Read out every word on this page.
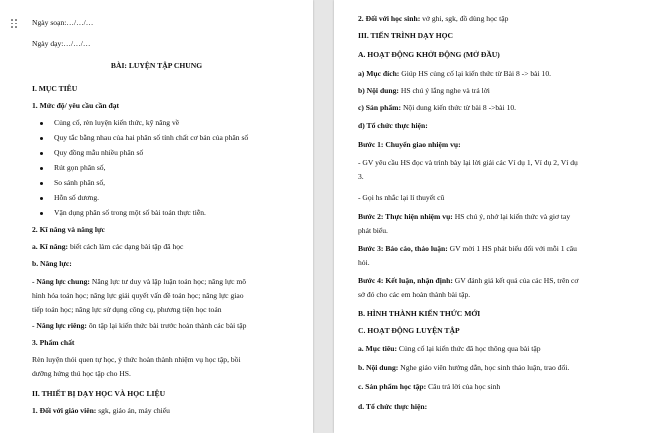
Ngày soạn:…/…/…
Ngày dạy:…/…/…
BÀI: LUYỆN TẬP CHUNG
I. MỤC TIÊU
1. Mức độ/ yêu cầu cần đạt
Củng cố, rèn luyện kiến thức, kỹ năng về
Quy tắc bằng nhau của hai phân số tính chất cơ bản của phân số
Quy đồng mẫu nhiều phân số
Rút gọn phân số,
So sánh phân số,
Hỗn số dương.
Vận dụng phân số trong một số bài toán thực tiễn.
2. Kĩ năng và năng lực
a. Kĩ năng: biết cách làm các dạng bài tập đã học
b. Năng lực:
- Năng lực chung: Năng lực tư duy và lập luận toán học; năng lực mô
hình hóa toán học; năng lực giải quyết vấn đề toán học; năng lực giao
tiếp toán học; năng lực sử dụng công cụ, phương tiện học toán
- Năng lực riêng: ôn tập lại kiến thức bài trước hoàn thành các bài tập
3. Phẩm chất
Rèn luyện thói quen tự học, ý thức hoàn thành nhiệm vụ học tập, bồi
dưỡng hứng thú học tập cho HS.
II. THIẾT BỊ DẠY HỌC VÀ HỌC LIỆU
1. Đối với giáo viên: sgk, giáo án, máy chiếu
2. Đối với học sinh: vở ghi, sgk, đồ dùng học tập
III. TIẾN TRÌNH DẠY HỌC
A. HOẠT ĐỘNG KHỞI ĐỘNG (MỞ ĐẦU)
a) Mục đích: Giúp HS củng cố lại kiến thức từ Bài 8 -> bài 10.
b) Nội dung: HS chú ý lắng nghe và trả lời
c) Sản phẩm: Nội dung kiến thức từ bài 8 ->bài 10.
d) Tổ chức thực hiện:
Bước 1: Chuyển giao nhiệm vụ:
- GV yêu cầu HS đọc và trình bày lại lời giải các Ví dụ 1, Ví dụ 2, Ví dụ
3.
- Gọi hs nhắc lại lí thuyết cũ
Bước 2: Thực hiện nhiệm vụ: HS chú ý, nhớ lại kiến thức và giơ tay
phát biểu.
Bước 3: Báo cáo, thảo luận: GV mời 1 HS phát biểu đối với mỗi 1 câu
hỏi.
Bước 4: Kết luận, nhận định: GV đánh giá kết quả của các HS, trên cơ
sở đó cho các em hoàn thành bài tập.
B. HÌNH THÀNH KIẾN THỨC MỚI
C. HOẠT ĐỘNG LUYỆN TẬP
a. Mục tiêu: Củng cố lại kiến thức đã học thông qua bài tập
b. Nội dung: Nghe giáo viên hướng dẫn, học sinh thảo luận, trao đổi.
c. Sản phẩm học tập: Câu trả lời của học sinh
d. Tổ chức thực hiện:
